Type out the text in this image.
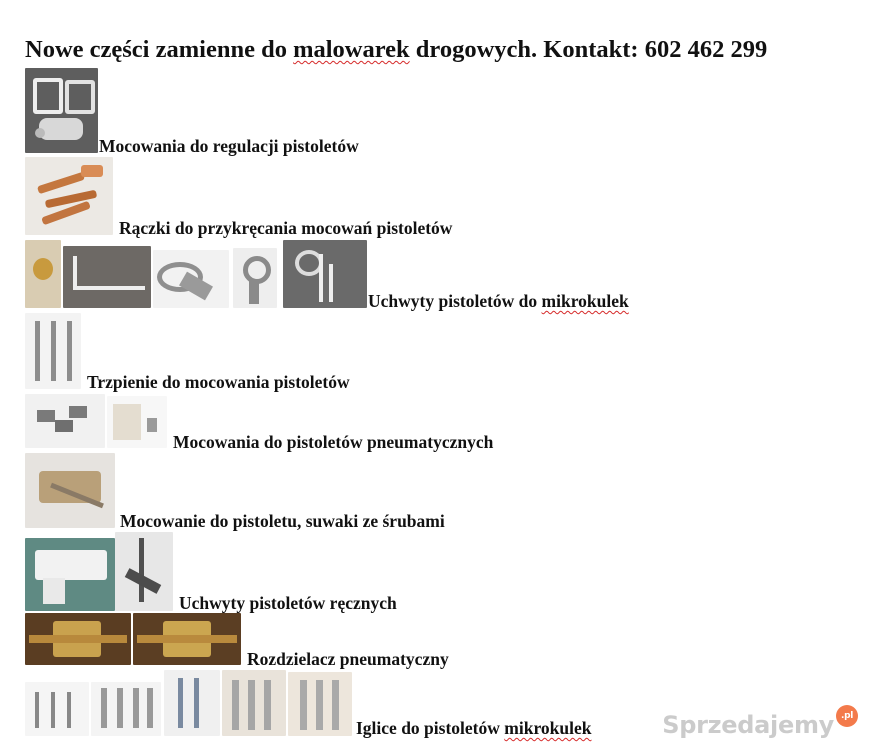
Nowe części zamienne do malowarek drogowych. Kontakt: 602 462 299
Mocowania do regulacji pistoletów
Rączki do przykręcania mocowań pistoletów
Uchwyty pistoletów do mikrokulek
Trzpienie do mocowania pistoletów
Mocowania do pistoletów pneumatycznych
Mocowanie do pistoletu, suwaki ze śrubami
Uchwyty pistoletów ręcznych
Rozdzielacz pneumatyczny
Iglice do pistoletów mikrokulek	Sprzedajemy .pl
